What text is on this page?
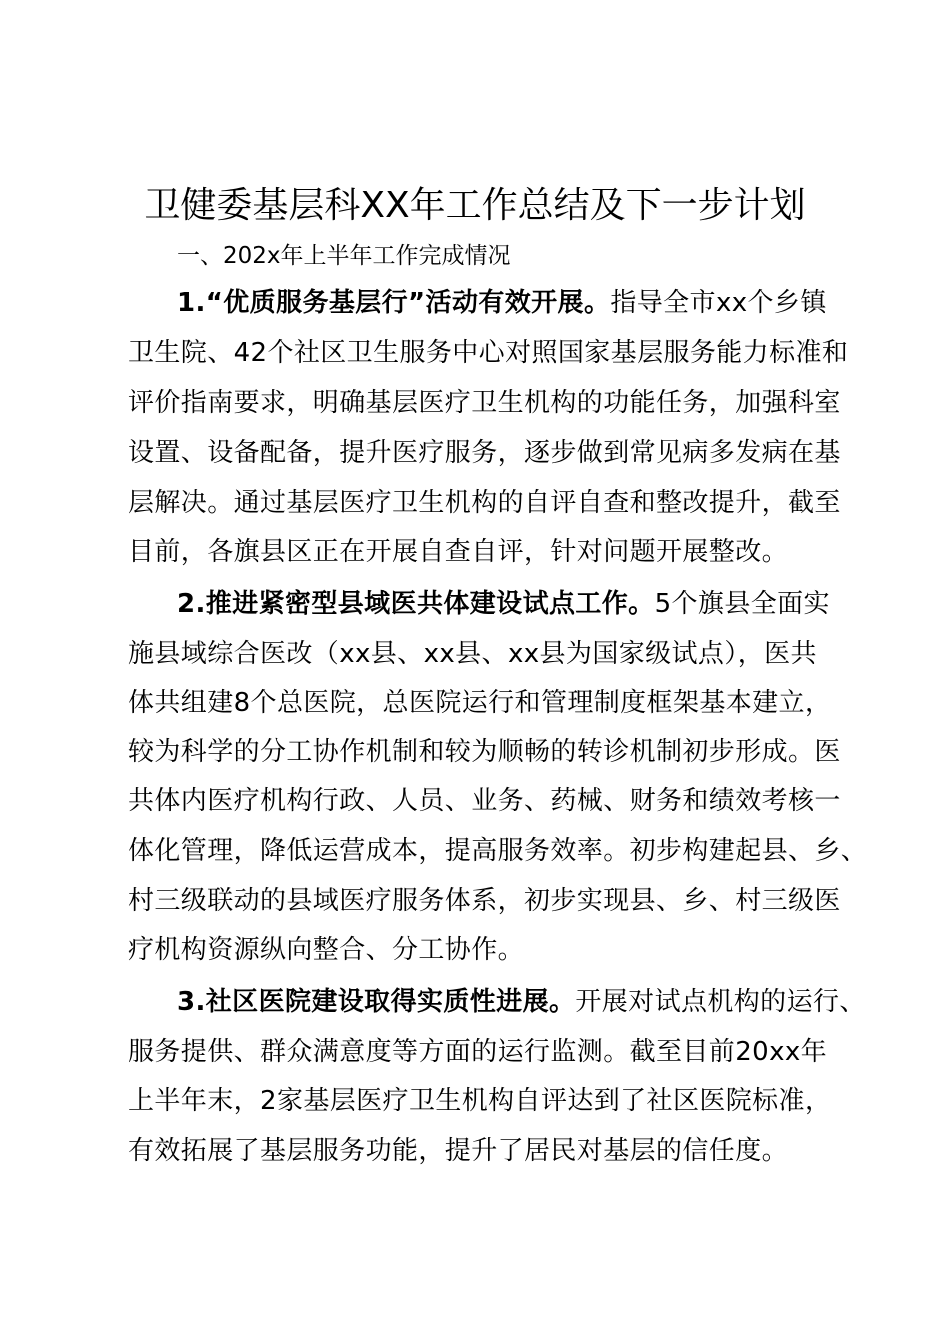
卫健委基层科XX年工作总结及下一步计划
一、202x年上半年工作完成情况
1.“优质服务基层行”活动有效开展。指导全市xx个乡镇
卫生院、42个社区卫生服务中心对照国家基层服务能力标准和
评价指南要求，明确基层医疗卫生机构的功能任务，加强科室
设置、设备配备，提升医疗服务，逐步做到常见病多发病在基
层解决。通过基层医疗卫生机构的自评自查和整改提升，截至
目前，各旗县区正在开展自查自评，针对问题开展整改。
2.推进紧密型县域医共体建设试点工作。5个旗县全面实
施县域综合医改（xx县、xx县、xx县为国家级试点），医共
体共组建8个总医院，总医院运行和管理制度框架基本建立，
较为科学的分工协作机制和较为顺畅的转诊机制初步形成。医
共体内医疗机构行政、人员、业务、药械、财务和绩效考核一
体化管理，降低运营成本，提高服务效率。初步构建起县、乡、
村三级联动的县域医疗服务体系，初步实现县、乡、村三级医
疗机构资源纵向整合、分工协作。
3.社区医院建设取得实质性进展。开展对试点机构的运行、
服务提供、群众满意度等方面的运行监测。截至目前20xx年
上半年末，2家基层医疗卫生机构自评达到了社区医院标准，
有效拓展了基层服务功能，提升了居民对基层的信任度。
